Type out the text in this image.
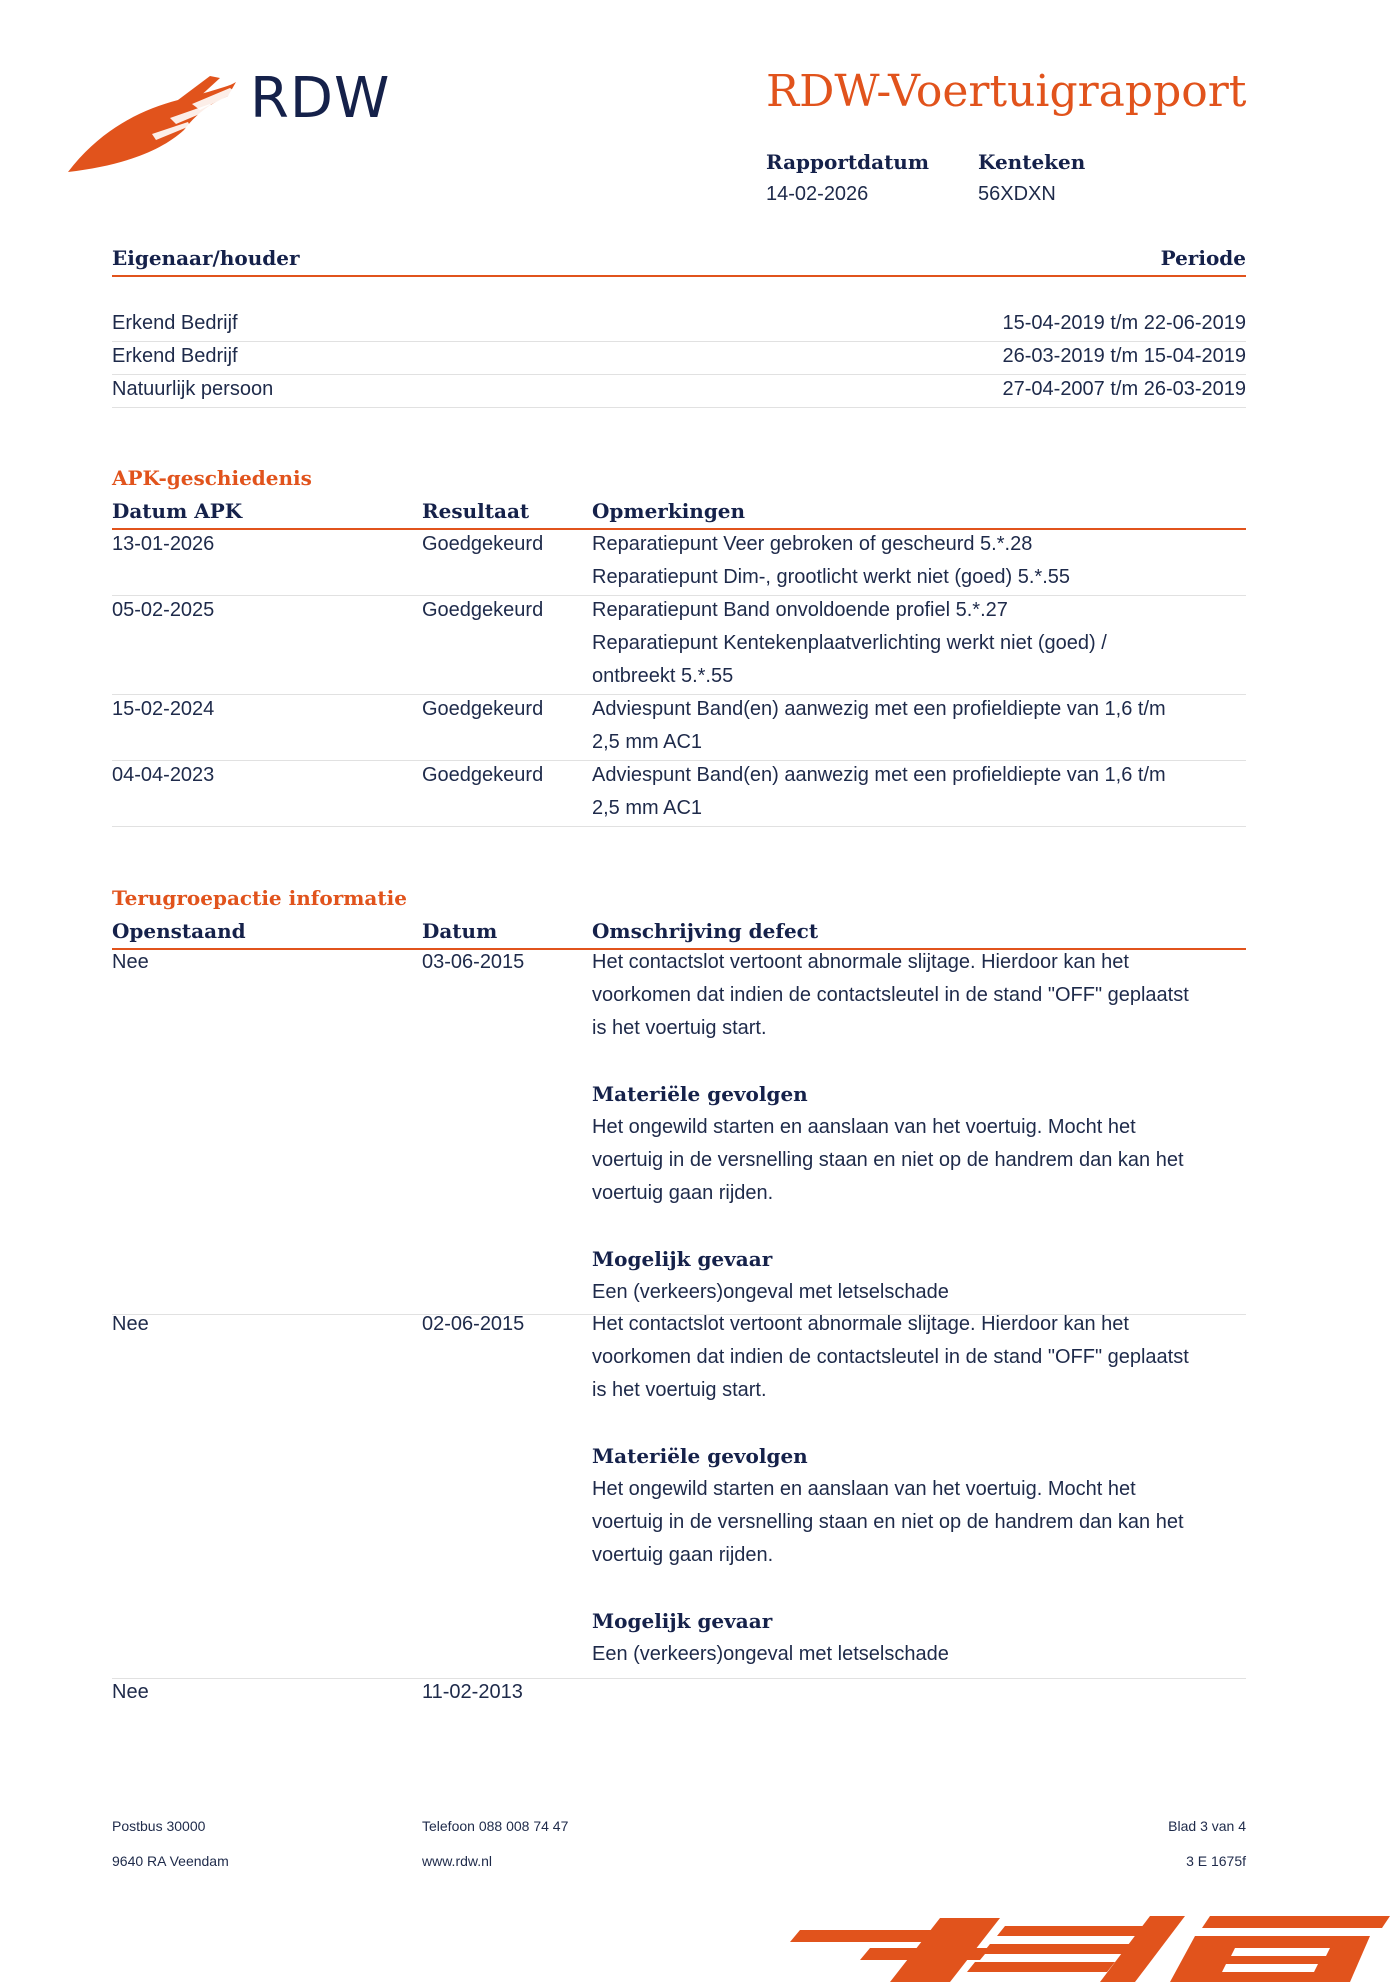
RDW	RDW-Voertuigrapport
Rapportdatum
14-02-2026
Kenteken
56XDXN
Eigenaar/houder	Periode
Erkend Bedrijf	15-04-2019 t/m 22-06-2019
Erkend Bedrijf	26-03-2019 t/m 15-04-2019
Natuurlijk persoon	27-04-2007 t/m 26-03-2019
APK-geschiedenis
Datum APK	Resultaat	Opmerkingen
13-01-2026	Goedgekeurd Reparatiepunt Veer gebroken of gescheurd 5.*.28

Reparatiepunt Dim-, grootlicht werkt niet (goed) 5.*.55

05-02-2025	Goedgekeurd Reparatiepunt Band onvoldoende profiel 5.*.27

Reparatiepunt Kentekenplaatverlichting werkt niet (goed) /

ontbreekt 5.*.55

15-02-2024	Goedgekeurd Adviespunt Band(en) aanwezig met een profieldiepte van 1,6 t/m

2,5 mm AC1

04-04-2023	Goedgekeurd Adviespunt Band(en) aanwezig met een profieldiepte van 1,6 t/m

2,5 mm AC1

Terugroepactie informatie
Openstaand	Datum	Omschrijving defect
Nee	03-06-2015	Het contactslot vertoont abnormale slijtage. Hierdoor kan het

voorkomen dat indien de contactsleutel in de stand "OFF" geplaatst

is het voertuig start.

Materiële gevolgen

Het ongewild starten en aanslaan van het voertuig. Mocht het

voertuig in de versnelling staan en niet op de handrem dan kan het

voertuig gaan rijden.

Mogelijk gevaar

Een (verkeers)ongeval met letselschade

Nee	02-06-2015	Het contactslot vertoont abnormale slijtage. Hierdoor kan het

voorkomen dat indien de contactsleutel in de stand "OFF" geplaatst

is het voertuig start.

Materiële gevolgen

Het ongewild starten en aanslaan van het voertuig. Mocht het

voertuig in de versnelling staan en niet op de handrem dan kan het

voertuig gaan rijden.

Mogelijk gevaar

Een (verkeers)ongeval met letselschade

Nee	11-02-2013
Postbus 30000
9640 RA Veendam
Telefoon 088 008 74 47
www.rdw.nl
Blad 3 van 4
3 E 1675f
